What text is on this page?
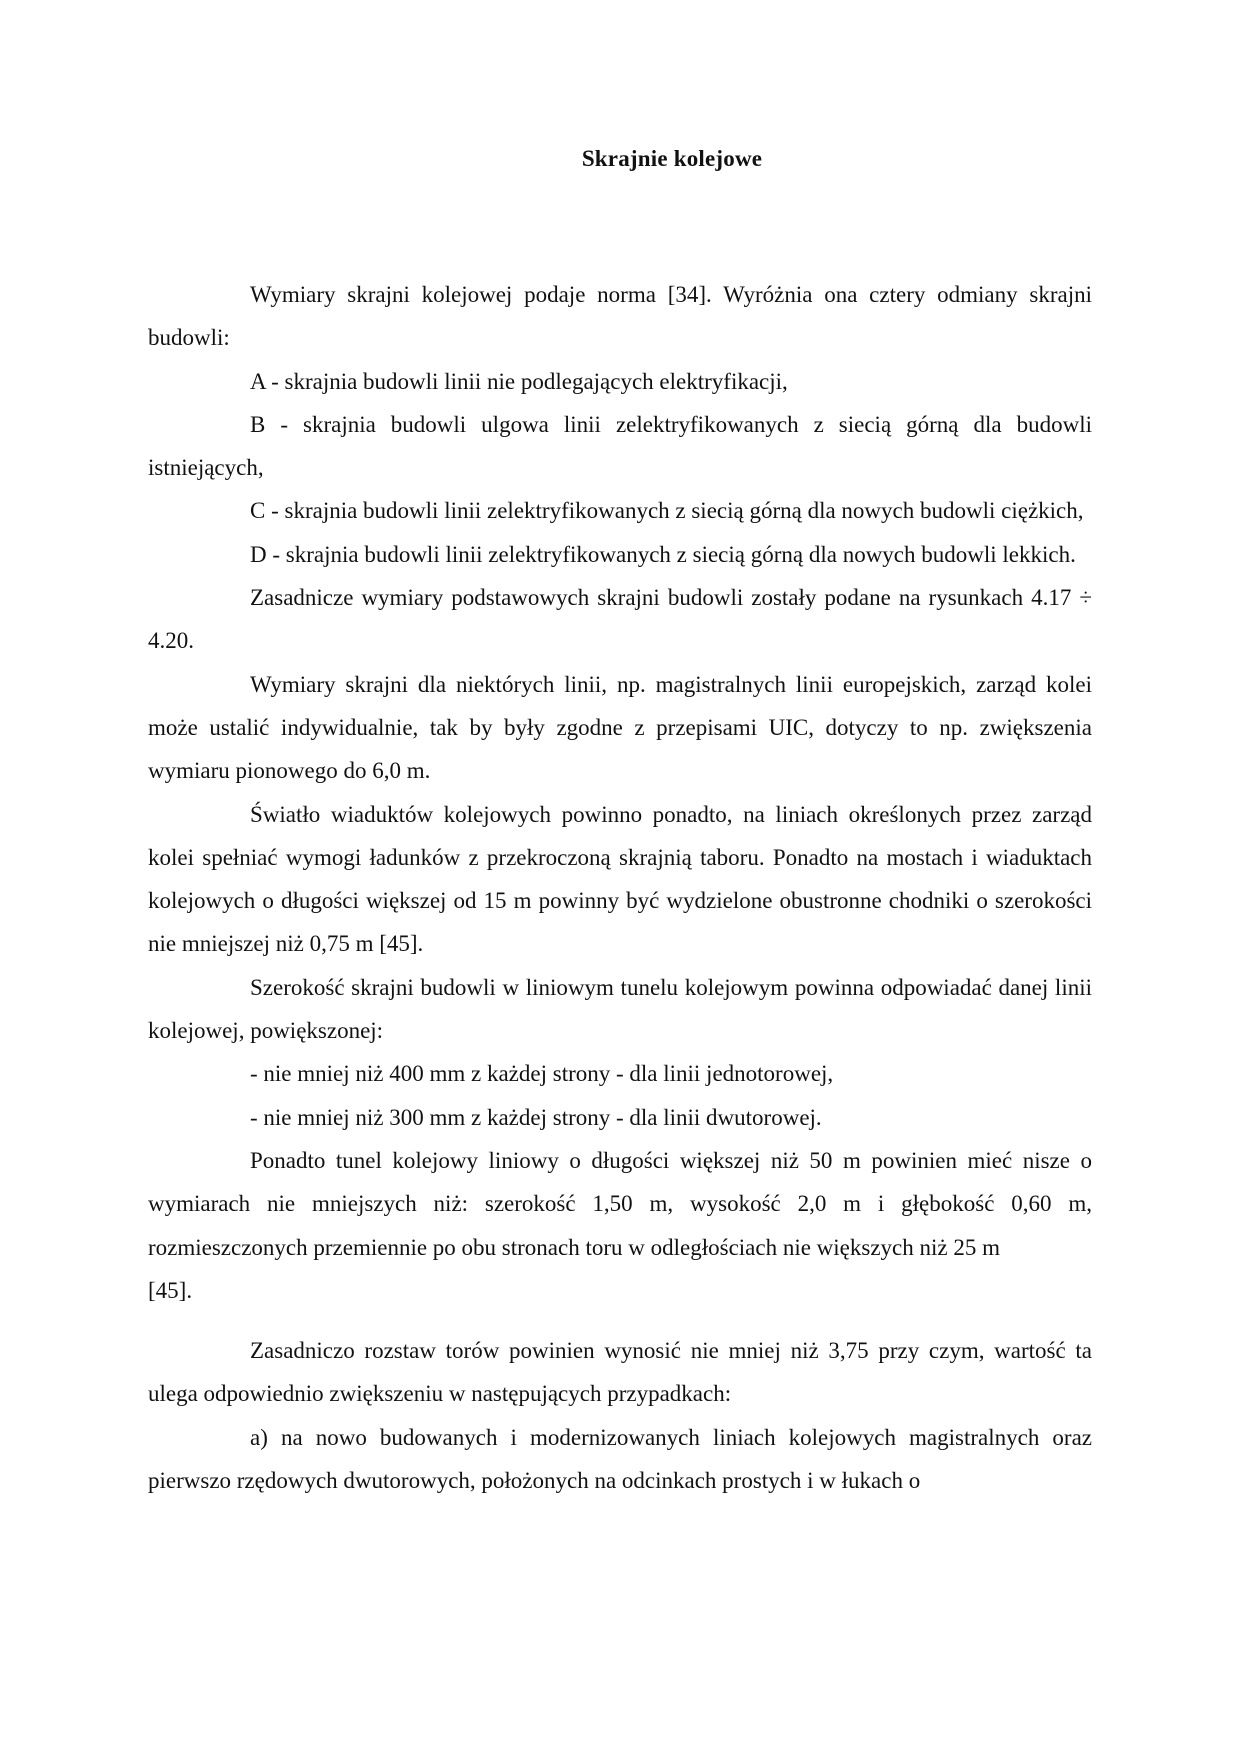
Skrajnie kolejowe

Wymiary skrajni kolejowej podaje norma [34]. Wyróżnia ona cztery odmiany skrajni budowli:

A - skrajnia budowli linii nie podlegających elektryfikacji,

B - skrajnia budowli ulgowa linii zelektryfikowanych z siecią górną dla budowli istniejących,

C - skrajnia budowli linii zelektryfikowanych z siecią górną dla nowych budowli ciężkich,

D - skrajnia budowli linii zelektryfikowanych z siecią górną dla nowych budowli lekkich.

Zasadnicze wymiary podstawowych skrajni budowli zostały podane na rysunkach 4.17 ÷ 4.20.

Wymiary skrajni dla niektórych linii, np. magistralnych linii europejskich, zarząd kolei może ustalić indywidualnie, tak by były zgodne z przepisami UIC, dotyczy to np. zwiększenia wymiaru pionowego do 6,0 m.

Światło wiaduktów kolejowych powinno ponadto, na liniach określonych przez zarząd kolei spełniać wymogi ładunków z przekroczoną skrajnią taboru. Ponadto na mostach i wiaduktach kolejowych o długości większej od 15 m powinny być wydzielone obustronne chodniki o szerokości nie mniejszej niż 0,75 m [45].

Szerokość skrajni budowli w liniowym tunelu kolejowym powinna odpowiadać danej linii kolejowej, powiększonej:

- nie mniej niż 400 mm z każdej strony - dla linii jednotorowej,

- nie mniej niż 300 mm z każdej strony - dla linii dwutorowej.

Ponadto tunel kolejowy liniowy o długości większej niż 50 m powinien mieć nisze o wymiarach nie mniejszych niż: szerokość 1,50 m, wysokość 2,0 m i głębokość 0,60 m, rozmieszczonych przemiennie po obu stronach toru w odległościach nie większych niż 25 m

[45].

Zasadniczo rozstaw torów powinien wynosić nie mniej niż 3,75 przy czym, wartość ta ulega odpowiednio zwiększeniu w następujących przypadkach:

a) na nowo budowanych i modernizowanych liniach kolejowych magistralnych oraz pierwszo rzędowych dwutorowych, położonych na odcinkach prostych i w łukach o
